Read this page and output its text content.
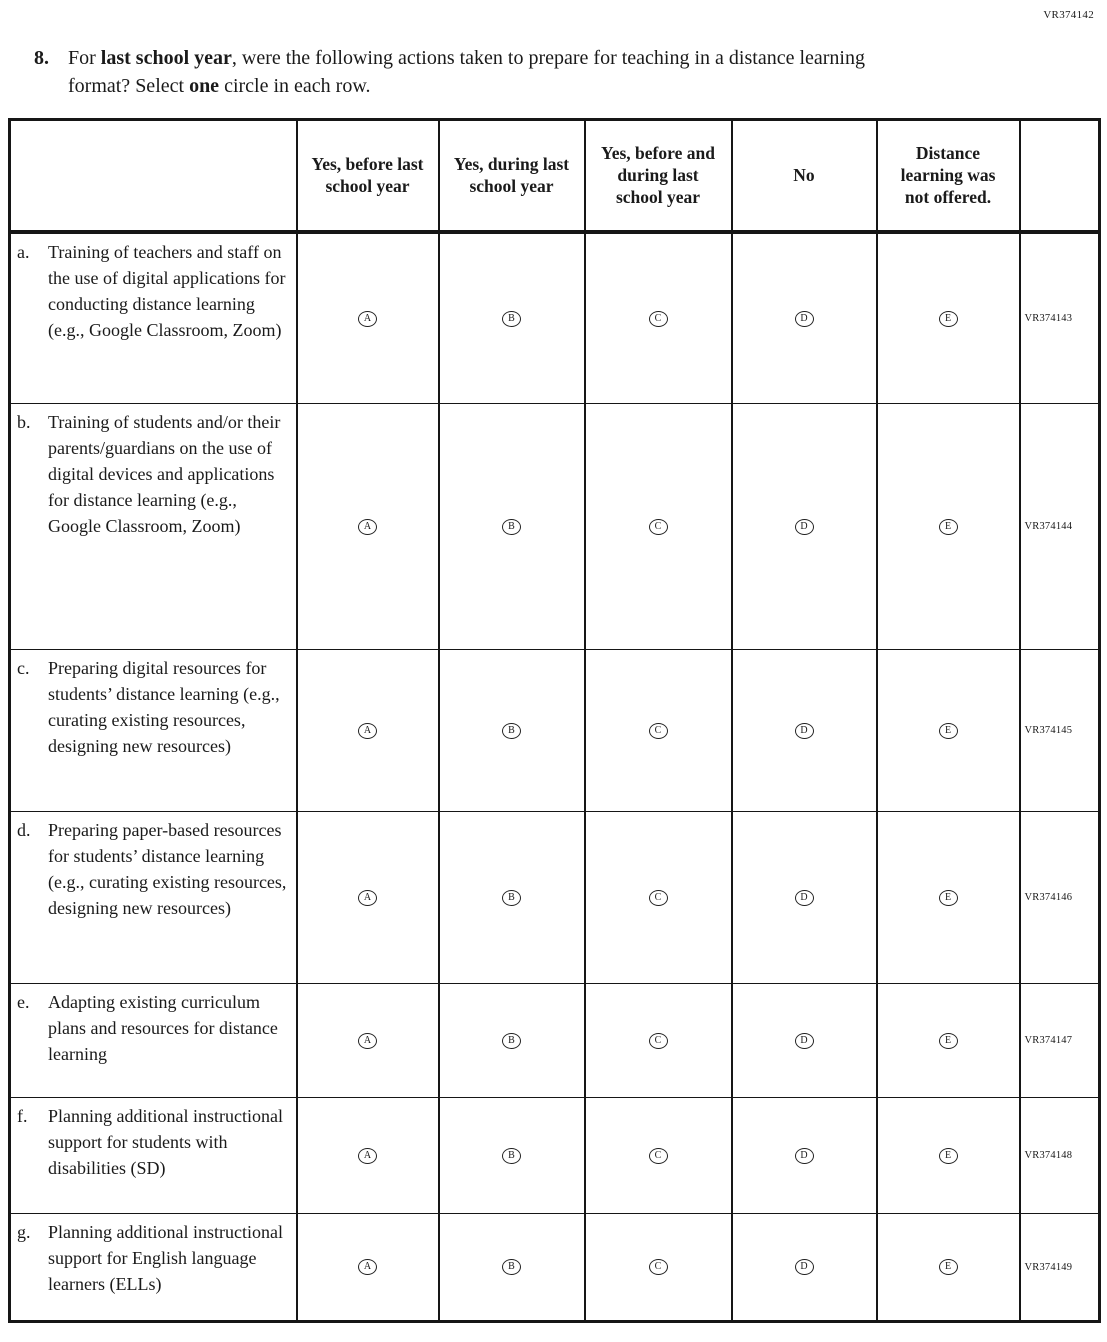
VR374142
8. For last school year, were the following actions taken to prepare for teaching in a distance learning format? Select one circle in each row.
	Yes, before last school year	Yes, during last school year	Yes, before and during last school year	No	Distance learning was not offered.	

a. Training of teachers and staff on the use of digital applications for conducting distance learning (e.g., Google Classroom, Zoom)	A	B	C	D	E	VR374143

b. Training of students and/or their parents/guardians on the use of digital devices and applications for distance learning (e.g., Google Classroom, Zoom)	A	B	C	D	E	VR374144

c. Preparing digital resources for students’ distance learning (e.g., curating existing resources, designing new resources)	A	B	C	D	E	VR374145

d. Preparing paper-based resources for students’ distance learning (e.g., curating existing resources, designing new resources)	A	B	C	D	E	VR374146

e. Adapting existing curriculum plans and resources for distance learning	A	B	C	D	E	VR374147

f. Planning additional instructional support for students with disabilities (SD)	A	B	C	D	E	VR374148

g. Planning additional instructional support for English language learners (ELLs)	A	B	C	D	E	VR374149
